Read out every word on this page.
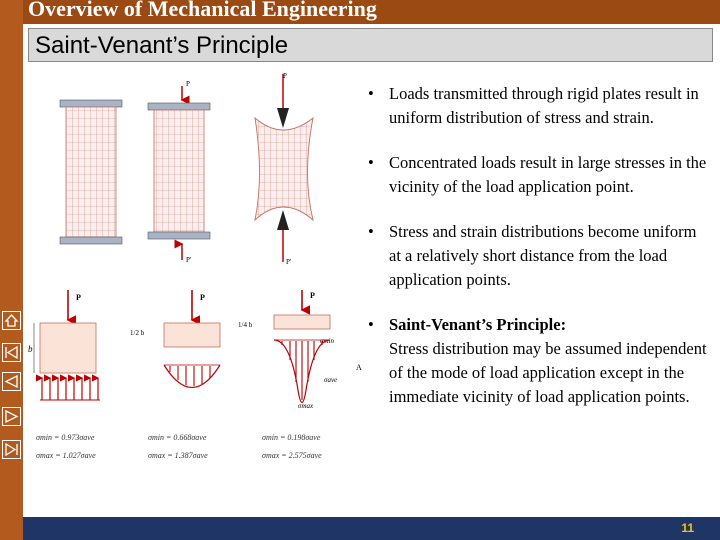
Overview of Mechanical Engineering
Saint-Venant’s Principle
P
P′
P
P′
P
b
P
1/2 b
P
1/4 b
σmin
σave
A
σmax
σmin = 0.973σave
σmax = 1.027σave
σmin = 0.668σave
σmax = 1.387σave
σmin = 0.198σave
σmax = 2.575σave
• Loads transmitted through rigid plates result in uniform distribution of stress and strain.
• Concentrated loads result in large stresses in the vicinity of the load application point.
• Stress and strain distributions become uniform at a relatively short distance from the load application points.
• Saint-Venant’s Principle:
Stress distribution may be assumed independent of the mode of load application except in the immediate vicinity of load application points.
11
